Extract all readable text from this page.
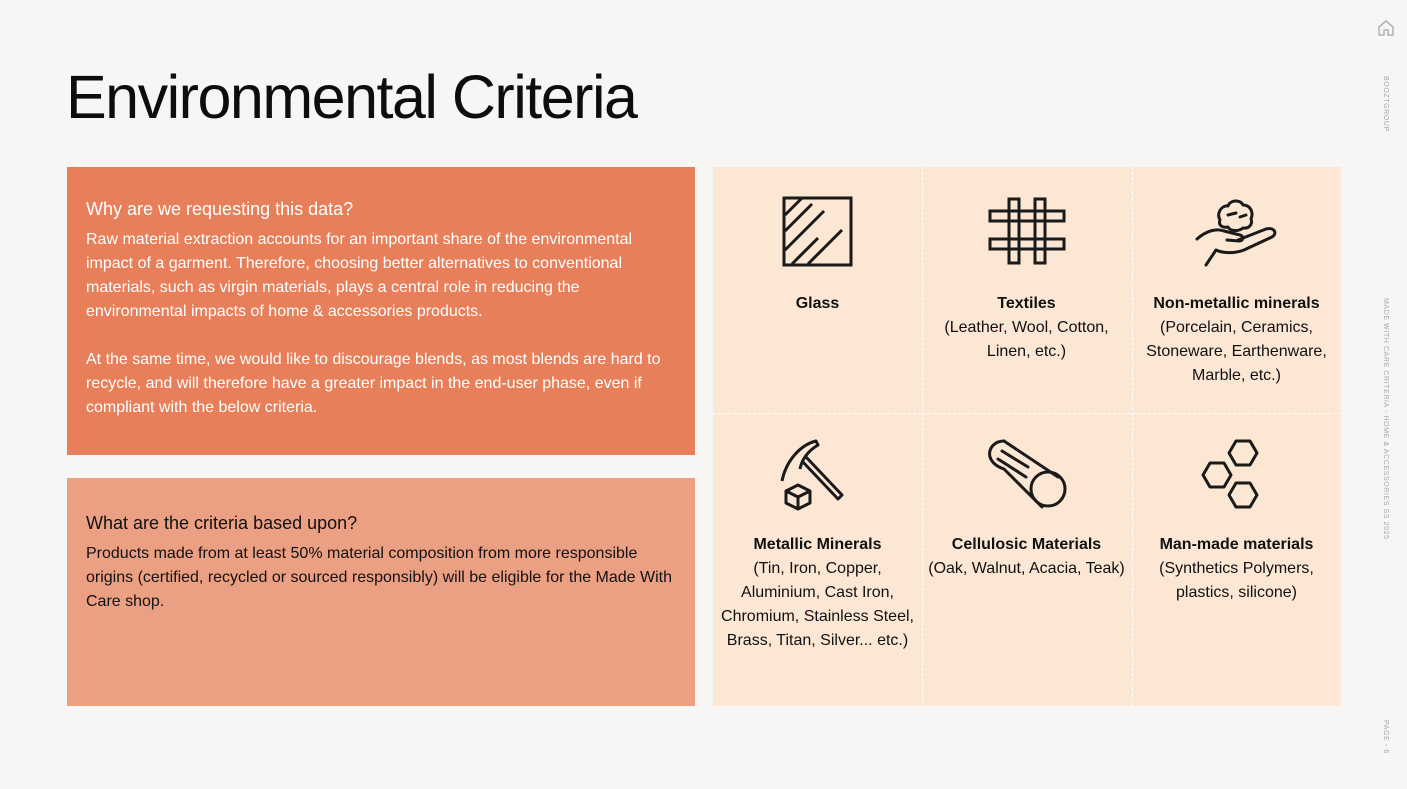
Environmental Criteria
Why are we requesting this data?

Raw material extraction accounts for an important share of the environmental impact of a garment. Therefore, choosing better alternatives to conventional materials, such as virgin materials, plays a central role in reducing the environmental impacts of home & accessories products.

At the same time, we would like to discourage blends, as most blends are hard to recycle, and will therefore have a greater impact in the end-user phase, even if compliant with the below criteria.

What are the criteria based upon?

Products made from at least 50% material composition from more responsible origins (certified, recycled or sourced responsibly) will be eligible for the Made With Care shop.

Glass	Textiles
(Leather, Wool, Cotton, Linen, etc.)
Non-metallic minerals
(Porcelain, Ceramics, Stoneware, Earthenware, Marble, etc.)
Metallic Minerals
(Tin, Iron, Copper, Aluminium, Cast Iron, Chromium, Stainless Steel, Brass, Titan, Silver... etc.)
Cellulosic Materials
(Oak, Walnut, Acacia, Teak)
Man-made materials
(Synthetics Polymers, plastics, silicone)
BOOZTGROUP
MADE WITH CARE CRITERIA - HOME & ACCESSORIES SS 2025
PAGE - 6
